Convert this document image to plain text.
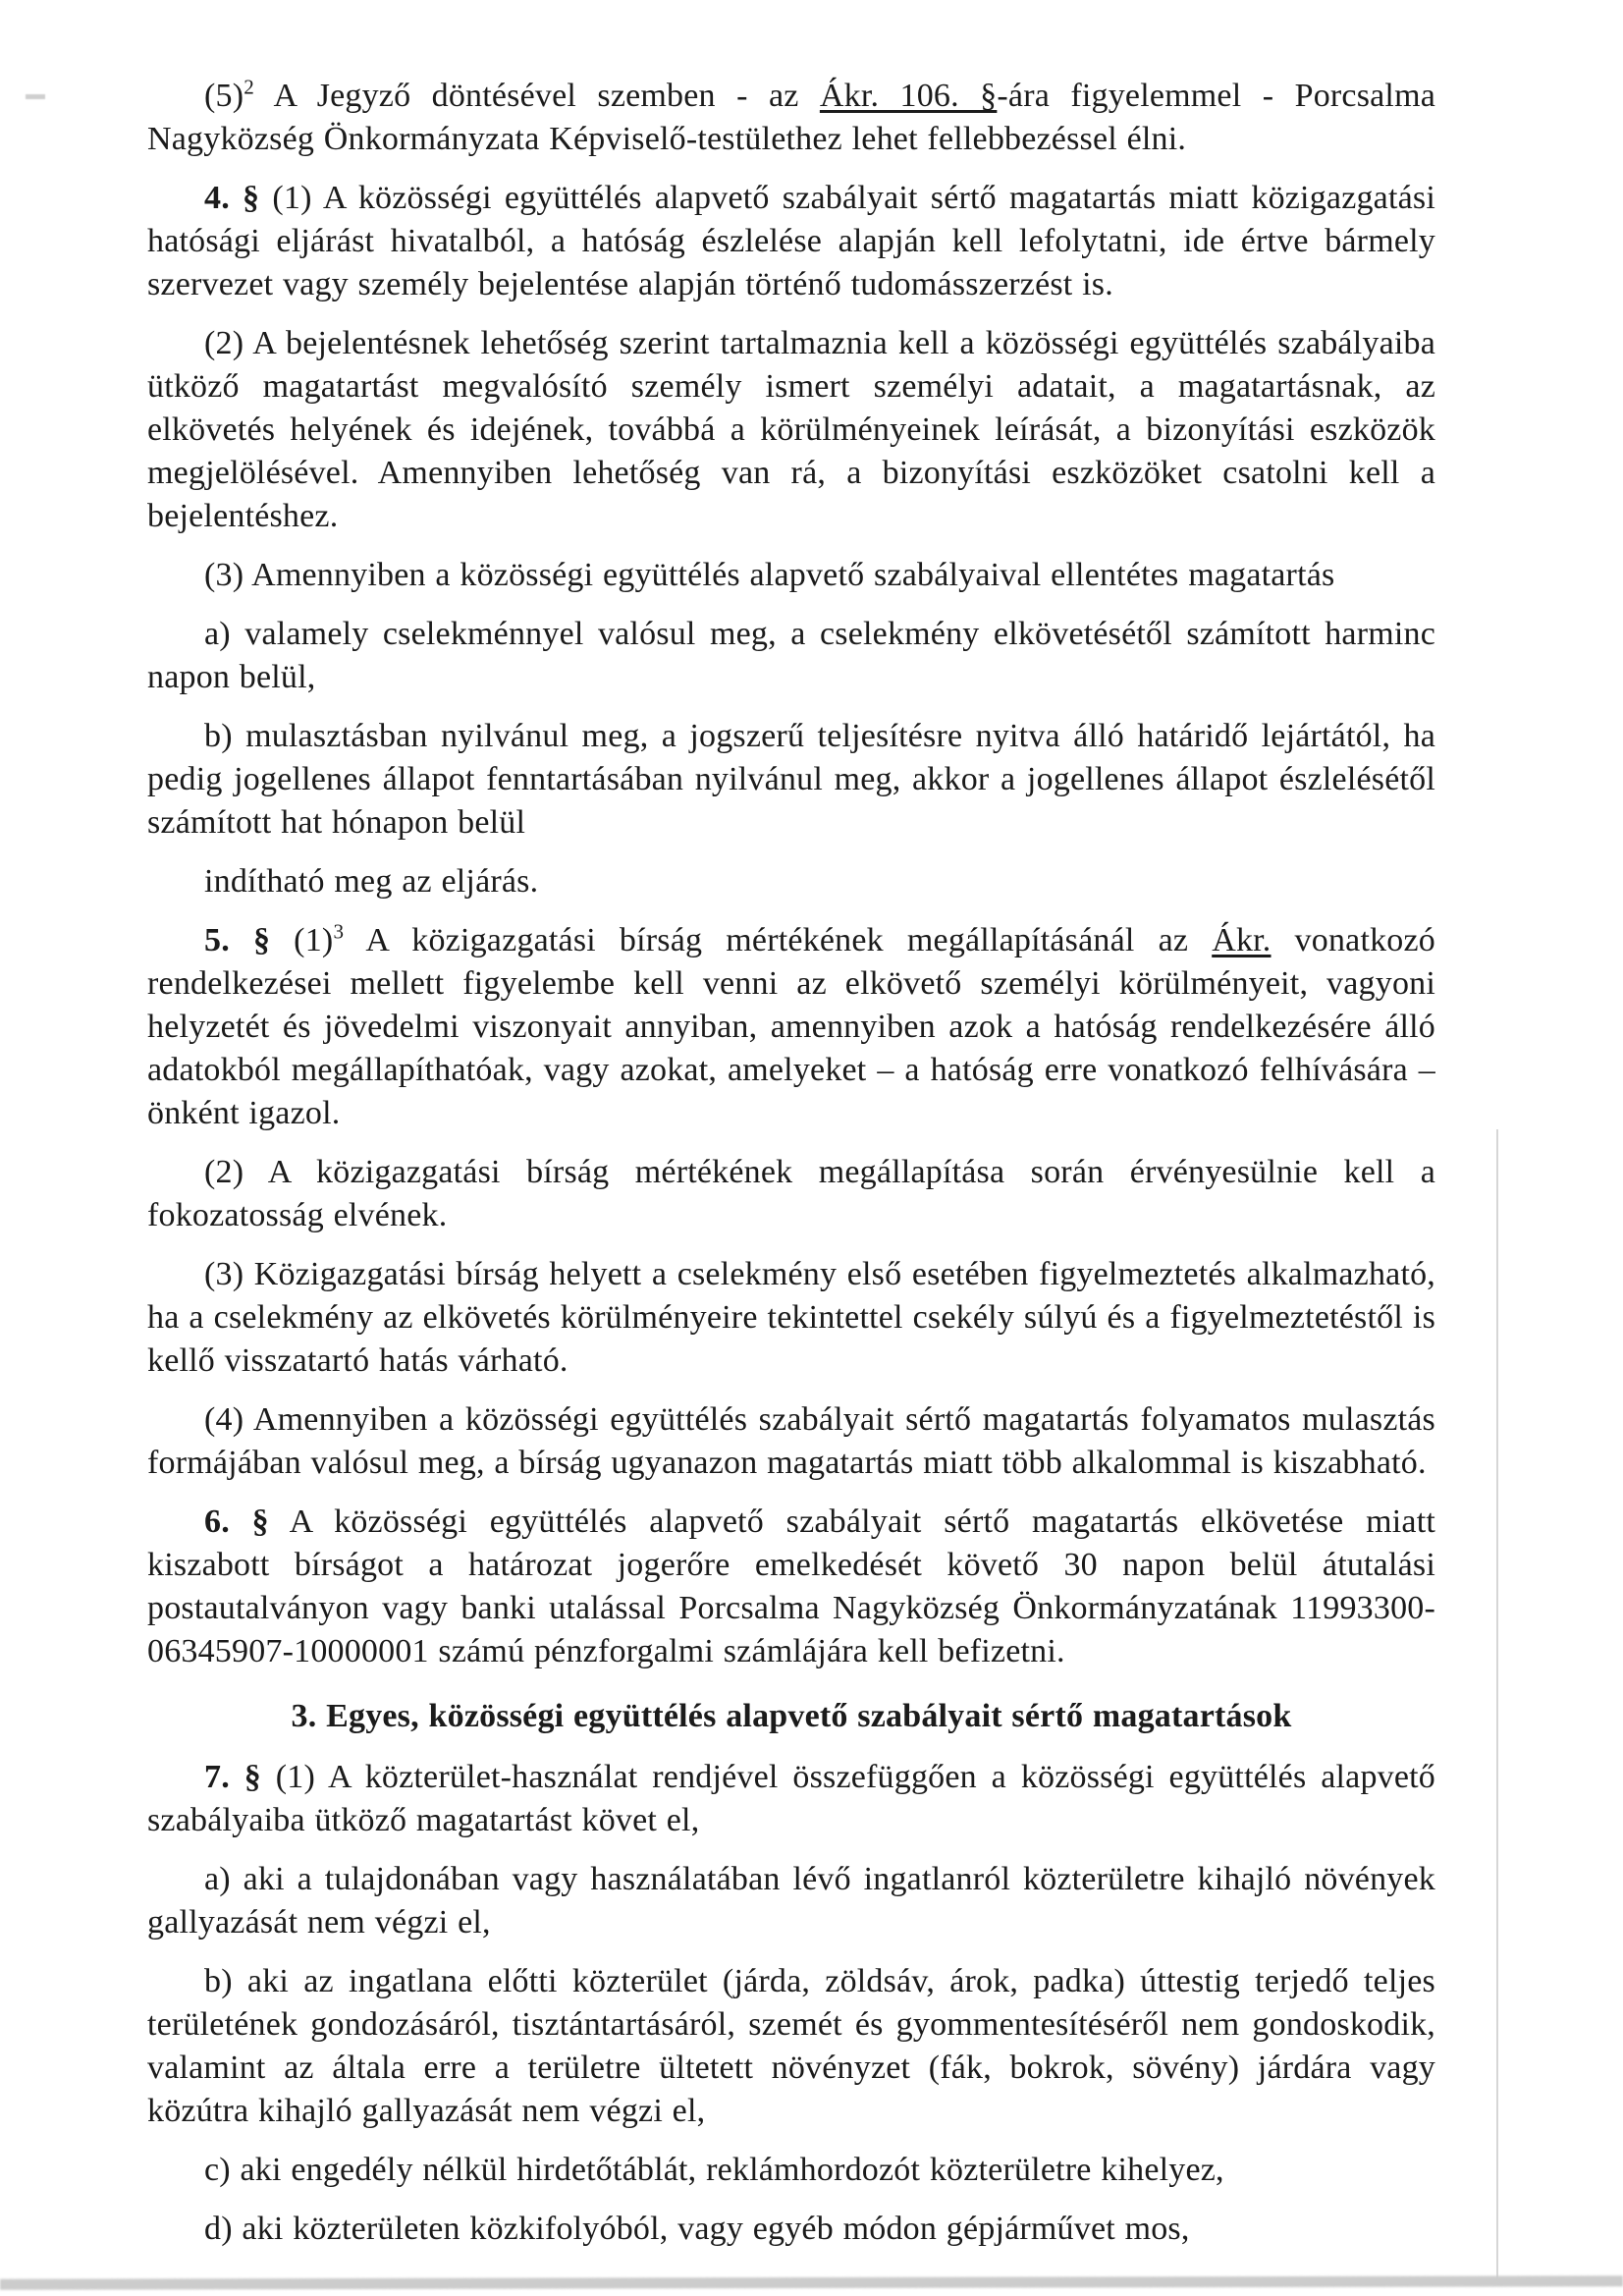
$(5)^2$ A Jegyző döntésével szemben - az Ákr. 106. §-ára figyelemmel - Porcsalma Nagyközség Önkormányzata Képviselő-testülethez lehet fellebbezéssel élni.

4. § (1) A közösségi együttélés alapvető szabályait sértő magatartás miatt közigazgatási hatósági eljárást hivatalból, a hatóság észlelése alapján kell lefolytatni, ide értve bármely szervezet vagy személy bejelentése alapján történő tudomásszerzést is.

(2) A bejelentésnek lehetőség szerint tartalmaznia kell a közösségi együttélés szabályaiba ütköző magatartást megvalósító személy ismert személyi adatait, a magatartásnak, az elkövetés helyének és idejének, továbbá a körülményeinek leírását, a bizonyítási eszközök megjelölésével. Amennyiben lehetőség van rá, a bizonyítási eszközöket csatolni kell a bejelentéshez.

(3) Amennyiben a közösségi együttélés alapvető szabályaival ellentétes magatartás

a) valamely cselekménnyel valósul meg, a cselekmény elkövetésétől számított harminc napon belül,

b) mulasztásban nyilvánul meg, a jogszerű teljesítésre nyitva álló határidő lejártától, ha pedig jogellenes állapot fenntartásában nyilvánul meg, akkor a jogellenes állapot észlelésétől számított hat hónapon belül

indítható meg az eljárás.

5. § $(1)^3$ A közigazgatási bírság mértékének megállapításánál az Ákr. vonatkozó rendelkezései mellett figyelembe kell venni az elkövető személyi körülményeit, vagyoni helyzetét és jövedelmi viszonyait annyiban, amennyiben azok a hatóság rendelkezésére álló adatokból megállapíthatóak, vagy azokat, amelyeket – a hatóság erre vonatkozó felhívására – önként igazol.

(2) A közigazgatási bírság mértékének megállapítása során érvényesülnie kell a fokozatosság elvének.

(3) Közigazgatási bírság helyett a cselekmény első esetében figyelmeztetés alkalmazható, ha a cselekmény az elkövetés körülményeire tekintettel csekély súlyú és a figyelmeztetéstől is kellő visszatartó hatás várható.

(4) Amennyiben a közösségi együttélés szabályait sértő magatartás folyamatos mulasztás formájában valósul meg, a bírság ugyanazon magatartás miatt több alkalommal is kiszabható.

6. § A közösségi együttélés alapvető szabályait sértő magatartás elkövetése miatt kiszabott bírságot a határozat jogerőre emelkedését követő 30 napon belül átutalási postautalványon vagy banki utalással Porcsalma Nagyközség Önkormányzatának 11993300-06345907-10000001 számú pénzforgalmi számlájára kell befizetni.

3. Egyes, közösségi együttélés alapvető szabályait sértő magatartások

7. § (1) A közterület-használat rendjével összefüggően a közösségi együttélés alapvető szabályaiba ütköző magatartást követ el,

a) aki a tulajdonában vagy használatában lévő ingatlanról közterületre kihajló növények gallyazását nem végzi el,

b) aki az ingatlana előtti közterület (járda, zöldsáv, árok, padka) úttestig terjedő teljes területének gondozásáról, tisztántartásáról, szemét és gyommentesítéséről nem gondoskodik, valamint az általa erre a területre ültetett növényzet (fák, bokrok, sövény) járdára vagy közútra kihajló gallyazását nem végzi el,

c) aki engedély nélkül hirdetőtáblát, reklámhordozót közterületre kihelyez,

d) aki közterületen közkifolyóból, vagy egyéb módon gépjárművet mos,
